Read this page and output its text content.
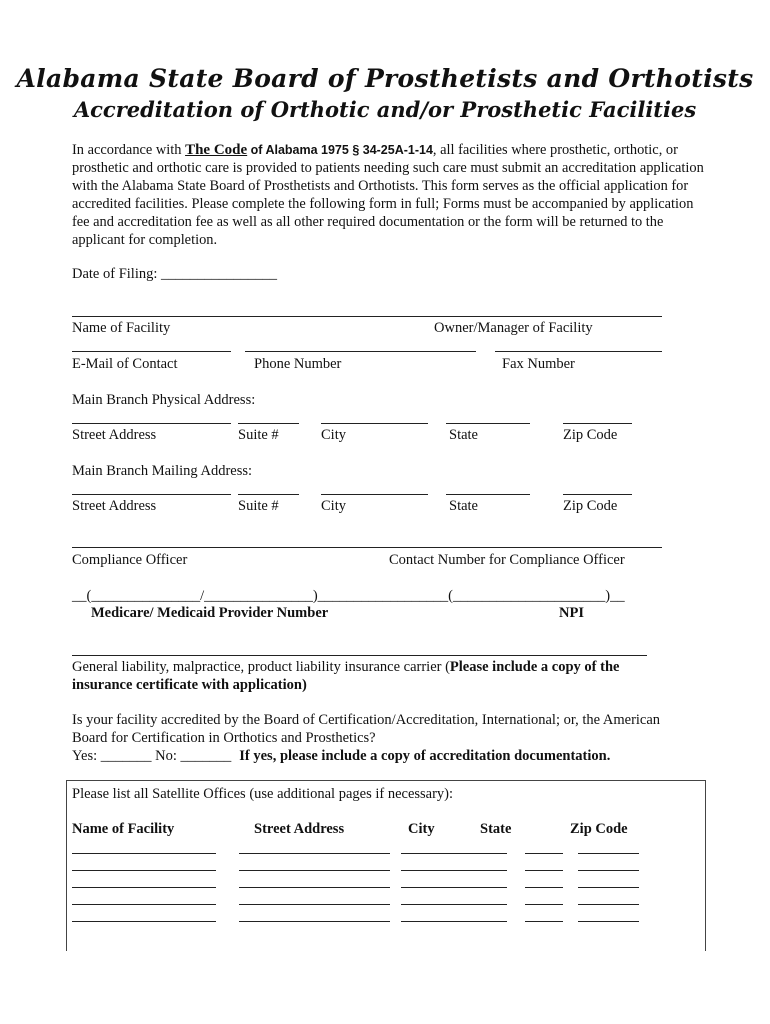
Alabama State Board of Prosthetists and Orthotists
Accreditation of Orthotic and/or Prosthetic Facilities
In accordance with The Code of Alabama 1975 § 34-25A-1-14, all facilities where prosthetic, orthotic, or prosthetic and orthotic care is provided to patients needing such care must submit an accreditation application with the Alabama State Board of Prosthetists and Orthotists. This form serves as the official application for accredited facilities. Please complete the following form in full; Forms must be accompanied by application fee and accreditation fee as well as all other required documentation or the form will be returned to the applicant for completion.
Date of Filing: ________________
Name of Facility	Owner/Manager of Facility
E-Mail of Contact	Phone Number	Fax Number
Main Branch Physical Address:
Street Address	Suite #	City	State	Zip Code
Main Branch Mailing Address:
Street Address	Suite #	City	State	Zip Code
Compliance Officer	Contact Number for Compliance Officer
__(_______________/_______________)__________________(_____________________)__
Medicare/ Medicaid Provider Number	NPI
General liability, malpractice, product liability insurance carrier (Please include a copy of the
insurance certificate with application)
Is your facility accredited by the Board of Certification/Accreditation, International; or, the American
Board for Certification in Orthotics and Prosthetics?
Yes: _______ No: _______ If yes, please include a copy of accreditation documentation.
Please list all Satellite Offices (use additional pages if necessary):
Name of Facility	Street Address	City	State	Zip Code
